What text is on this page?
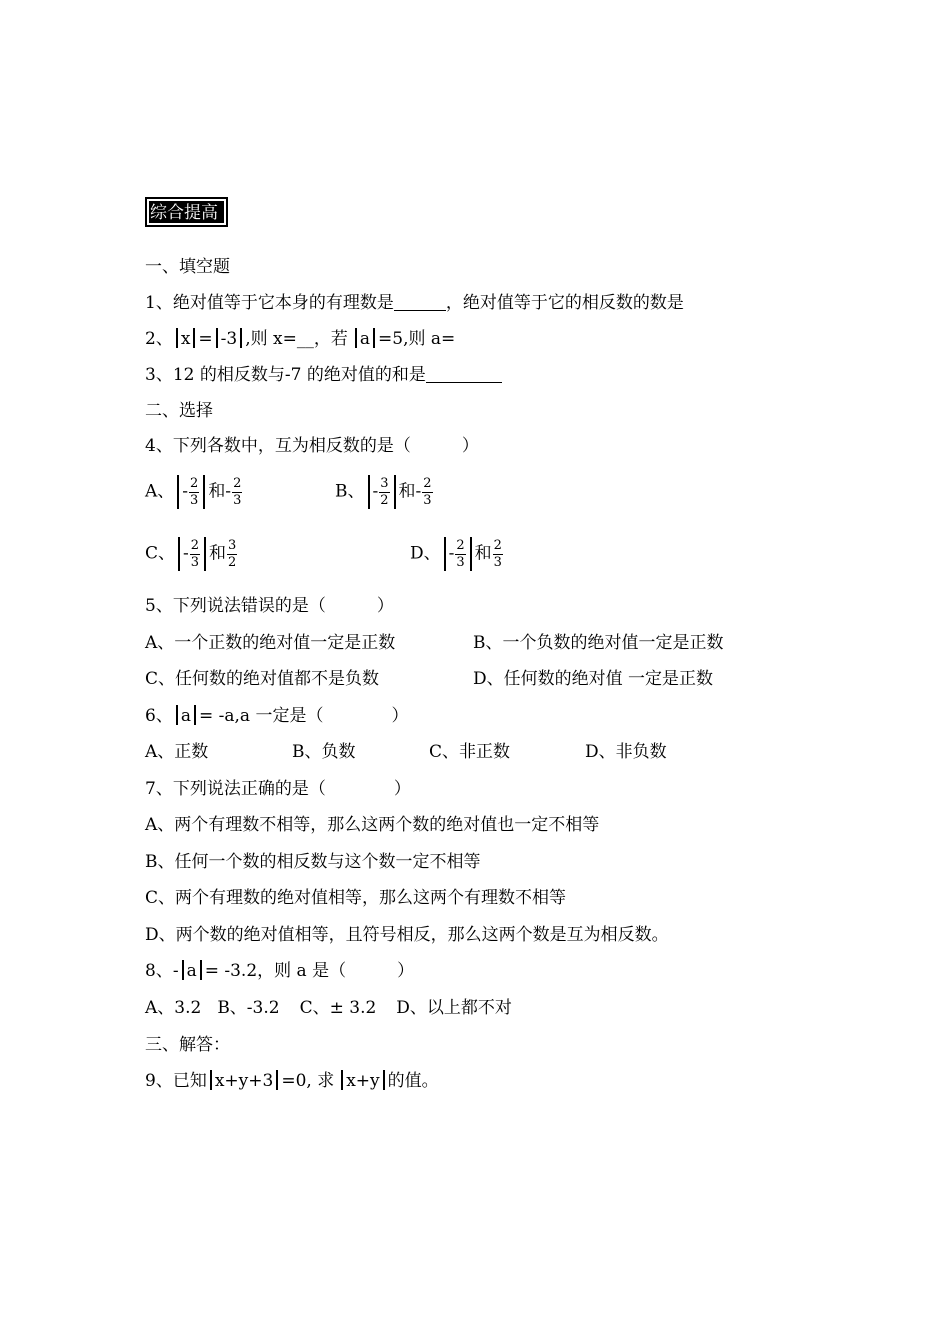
综合提高
一、填空题
1、绝对值等于它本身的有理数是	，绝对值等于它的相反数的数是
2、 x = -3 ,则 x=__，若 a =5,则 a=
3、12 的相反数与-7 的绝对值的和是
二、选择
4、下列各数中，互为相反数的是（　　　）
A、 - $\frac{2}{3}$ 和- $\frac{2}{3}$	B、 - $\frac{3}{2}$ 和- $\frac{2}{3}$
C、 - $\frac{2}{3}$ 和 $\frac{3}{2}$	D、 - $\frac{2}{3}$ 和 $\frac{2}{3}$
5、下列说法错误的是（　　　）
A、一个正数的绝对值一定是正数	B、一个负数的绝对值一定是正数
C、任何数的绝对值都不是负数	D、任何数的绝对值 一定是正数
6、 a = -a,a 一定是（　　　　）
A、正数	B、负数	C、非正数	D、非负数
7、下列说法正确的是（　　　　）
A、两个有理数不相等，那么这两个数的绝对值也一定不相等
B、任何一个数的相反数与这个数一定不相等
C、两个有理数的绝对值相等，那么这两个有理数不相等
D、两个数的绝对值相等，且符号相反，那么这两个数是互为相反数。
8、- a = -3.2，则 a 是（　　　）
A、3.2 B、-3.2 C、± 3.2 D、以上都不对
三、解答：
9、已知 x+y+3 =0, 求 x+y 的值。
